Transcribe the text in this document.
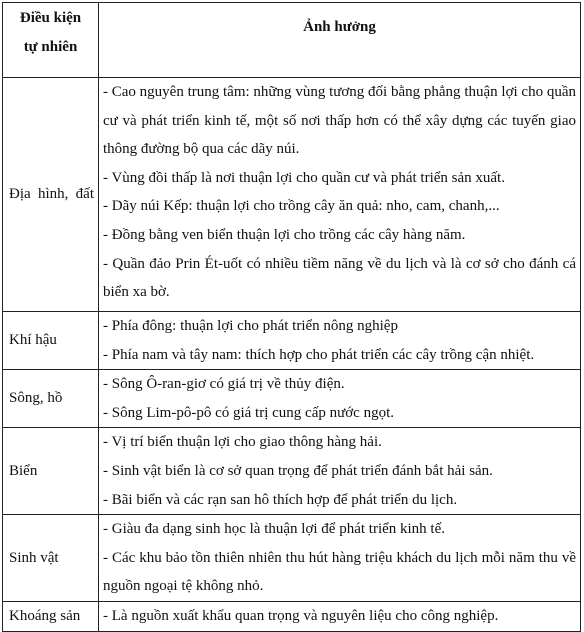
Điều kiện
tự nhiên	Ảnh hưởng
Địa hình, đất	- Cao nguyên trung tâm: những vùng tương đối bằng phẳng thuận lợi cho quần cư và phát triển kinh tế, một số nơi thấp hơn có thể xây dựng các tuyến giao thông đường bộ qua các dãy núi.
- Vùng đồi thấp là nơi thuận lợi cho quần cư và phát triển sản xuất.
- Dãy núi Kếp: thuận lợi cho trồng cây ăn quả: nho, cam, chanh,...
- Đồng bằng ven biển thuận lợi cho trồng các cây hàng năm.
- Quần đảo Prin Ét-uốt có nhiều tiềm năng về du lịch và là cơ sở cho đánh cá biển xa bờ.

Khí hậu	- Phía đông: thuận lợi cho phát triển nông nghiệp
- Phía nam và tây nam: thích hợp cho phát triển các cây trồng cận nhiệt.

Sông, hồ	- Sông Ô-ran-giơ có giá trị về thủy điện.
- Sông Lim-pô-pô có giá trị cung cấp nước ngọt.

Biển	- Vị trí biển thuận lợi cho giao thông hàng hải.
- Sinh vật biển là cơ sở quan trọng để phát triển đánh bắt hải sản.
- Bãi biển và các rạn san hô thích hợp để phát triển du lịch.

Sinh vật	- Giàu đa dạng sinh học là thuận lợi để phát triển kinh tế.
- Các khu bảo tồn thiên nhiên thu hút hàng triệu khách du lịch mỗi năm thu về nguồn ngoại tệ không nhỏ.

Khoáng sản	- Là nguồn xuất khẩu quan trọng và nguyên liệu cho công nghiệp.
